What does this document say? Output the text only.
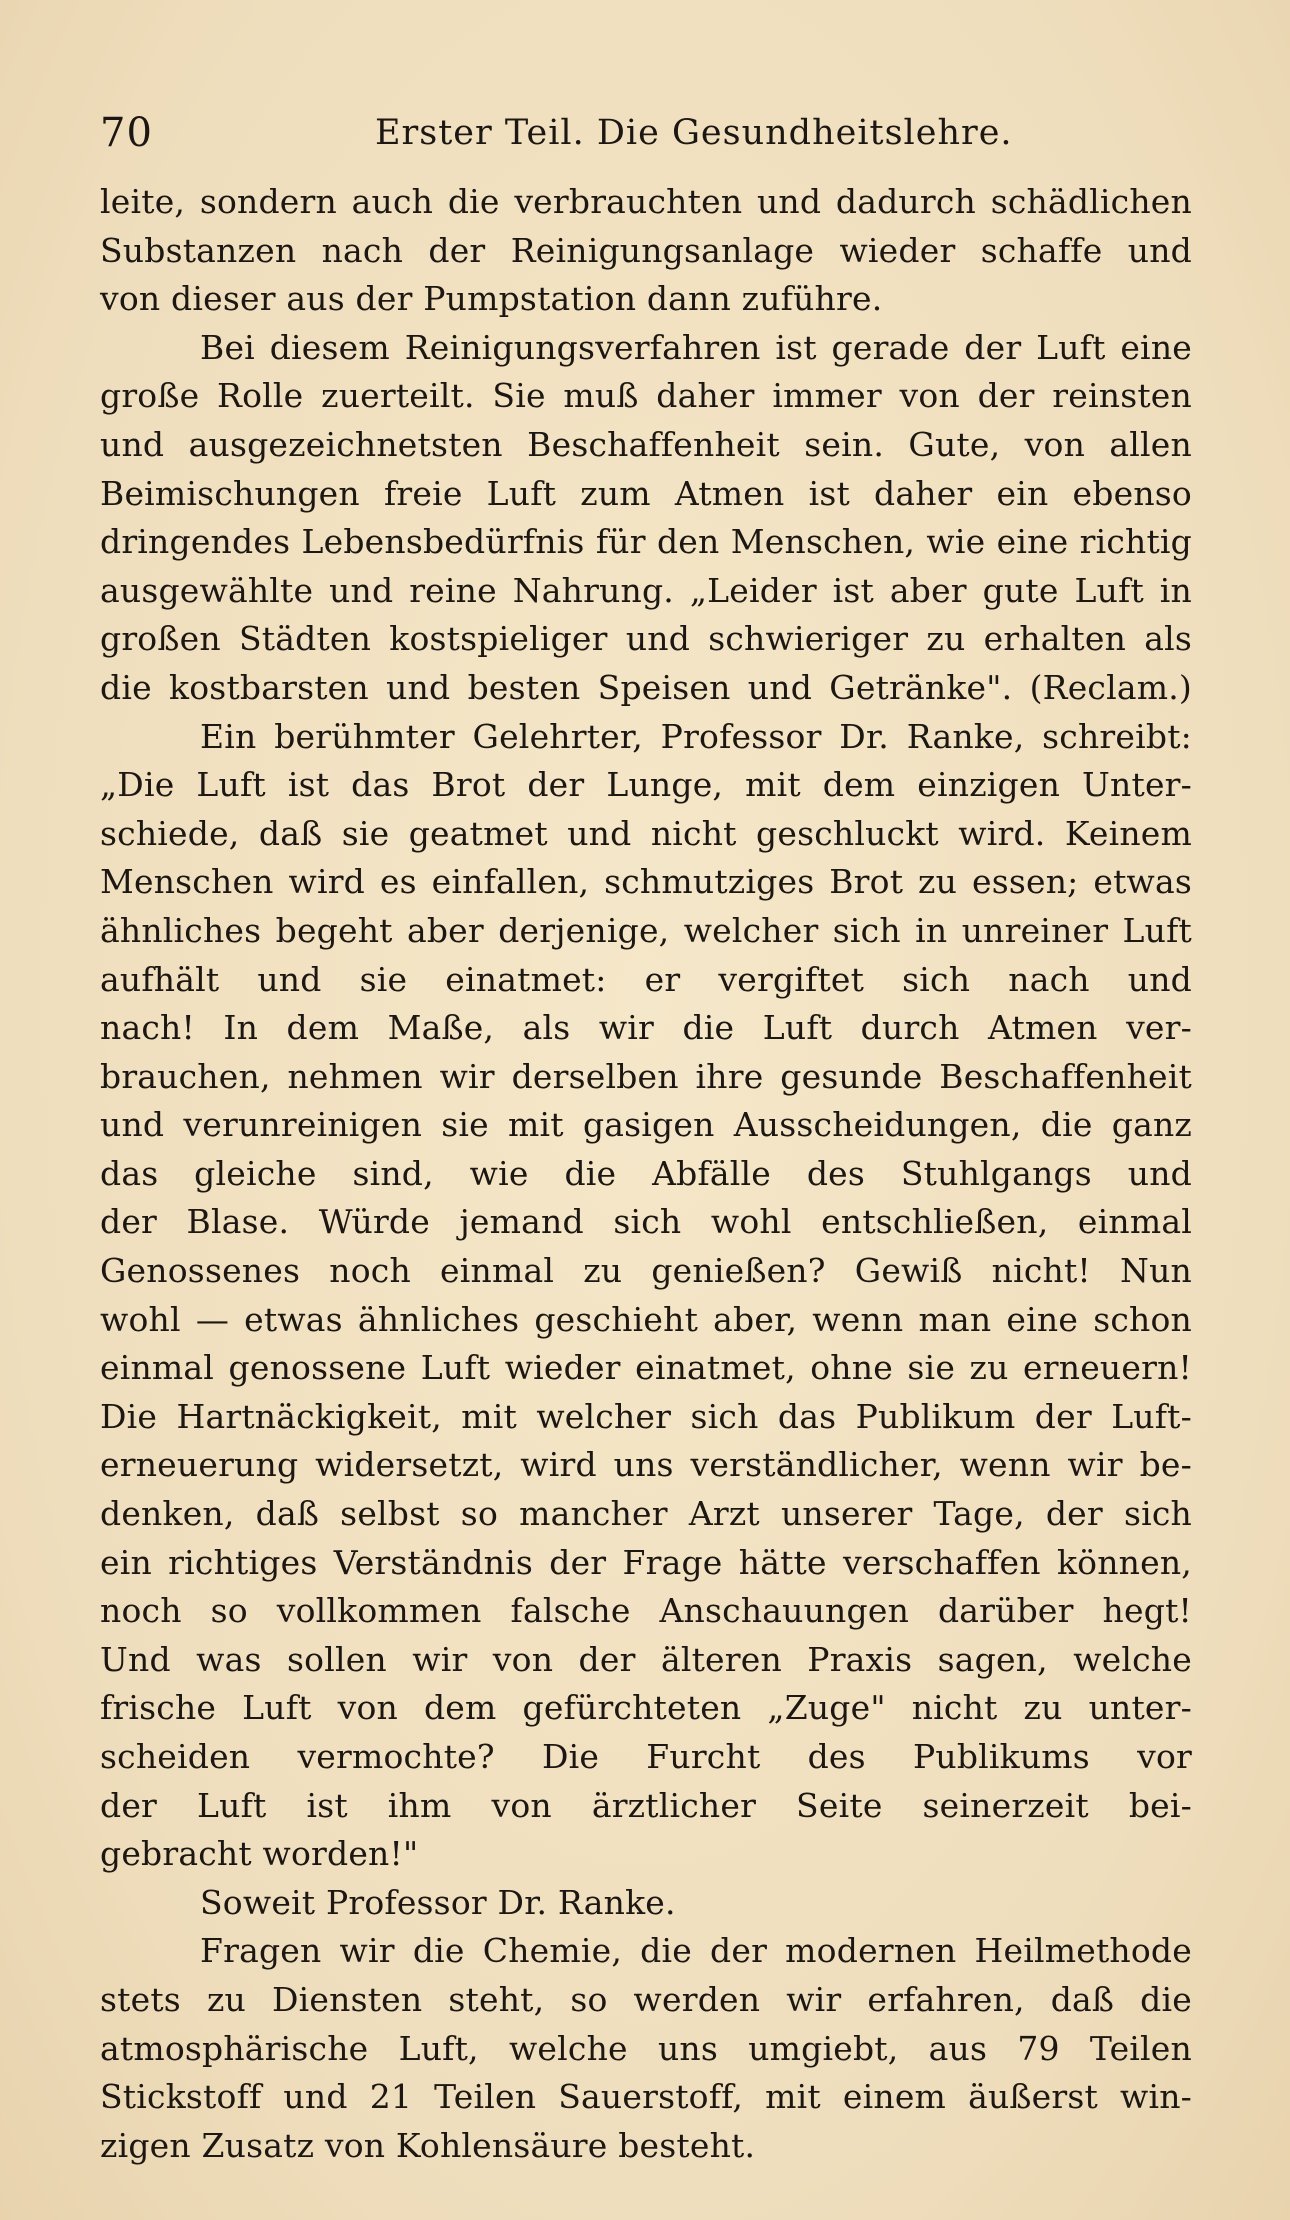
70	Erster Teil. Die Gesundheitslehre.
leite, sondern auch die verbrauchten und dadurch schädlichen
Substanzen nach der Reinigungsanlage wieder schaffe und
von dieser aus der Pumpstation dann zuführe.
Bei diesem Reinigungsverfahren ist gerade der Luft eine
große Rolle zuerteilt. Sie muß daher immer von der reinsten
und ausgezeichnetsten Beschaffenheit sein. Gute, von allen
Beimischungen freie Luft zum Atmen ist daher ein ebenso
dringendes Lebensbedürfnis für den Menschen, wie eine richtig
ausgewählte und reine Nahrung. „Leider ist aber gute Luft in
großen Städten kostspieliger und schwieriger zu erhalten als
die kostbarsten und besten Speisen und Getränke". (Reclam.)
Ein berühmter Gelehrter, Professor Dr. Ranke, schreibt:
„Die Luft ist das Brot der Lunge, mit dem einzigen Unter-
schiede, daß sie geatmet und nicht geschluckt wird. Keinem
Menschen wird es einfallen, schmutziges Brot zu essen; etwas
ähnliches begeht aber derjenige, welcher sich in unreiner Luft
aufhält und sie einatmet: er vergiftet sich nach und
nach! In dem Maße, als wir die Luft durch Atmen ver-
brauchen, nehmen wir derselben ihre gesunde Beschaffenheit
und verunreinigen sie mit gasigen Ausscheidungen, die ganz
das gleiche sind, wie die Abfälle des Stuhlgangs und
der Blase. Würde jemand sich wohl entschließen, einmal
Genossenes noch einmal zu genießen? Gewiß nicht! Nun
wohl — etwas ähnliches geschieht aber, wenn man eine schon
einmal genossene Luft wieder einatmet, ohne sie zu erneuern!
Die Hartnäckigkeit, mit welcher sich das Publikum der Luft-
erneuerung widersetzt, wird uns verständlicher, wenn wir be-
denken, daß selbst so mancher Arzt unserer Tage, der sich
ein richtiges Verständnis der Frage hätte verschaffen können,
noch so vollkommen falsche Anschauungen darüber hegt!
Und was sollen wir von der älteren Praxis sagen, welche
frische Luft von dem gefürchteten „Zuge" nicht zu unter-
scheiden vermochte? Die Furcht des Publikums vor
der Luft ist ihm von ärztlicher Seite seinerzeit bei-
gebracht worden!"
Soweit Professor Dr. Ranke.
Fragen wir die Chemie, die der modernen Heilmethode
stets zu Diensten steht, so werden wir erfahren, daß die
atmosphärische Luft, welche uns umgiebt, aus 79 Teilen
Stickstoff und 21 Teilen Sauerstoff, mit einem äußerst win-
zigen Zusatz von Kohlensäure besteht.
